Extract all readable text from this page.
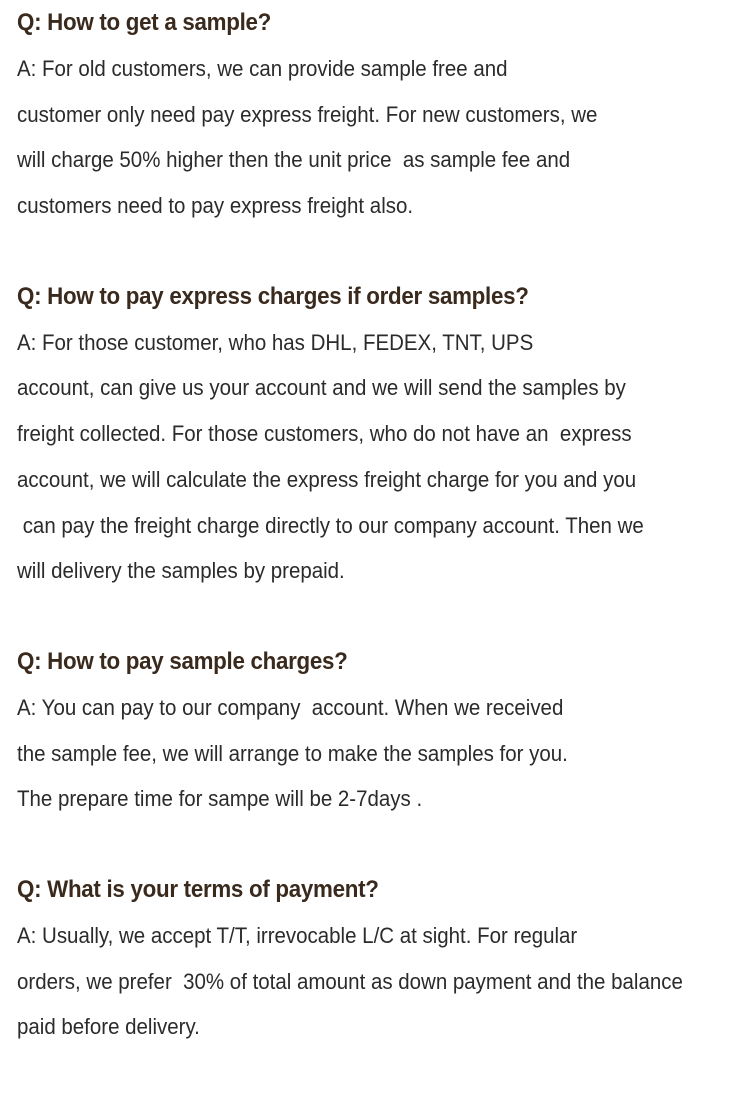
Q: How to get a sample?
A: For old customers, we can provide sample free and
customer only need pay express freight. For new customers, we
will charge 50% higher then the unit price  as sample fee and
customers need to pay express freight also.
Q: How to pay express charges if order samples?
A: For those customer, who has DHL, FEDEX, TNT, UPS
account, can give us your account and we will send the samples by
freight collected. For those customers, who do not have an  express
account, we will calculate the express freight charge for you and you
can pay the freight charge directly to our company account. Then we
will delivery the samples by prepaid.
Q: How to pay sample charges?
A: You can pay to our company  account. When we received
the sample fee, we will arrange to make the samples for you.
The prepare time for sampe will be 2-7days .
Q: What is your terms of payment?
A: Usually, we accept T/T, irrevocable L/C at sight. For regular
orders, we prefer  30% of total amount as down payment and the balance
paid before delivery.
